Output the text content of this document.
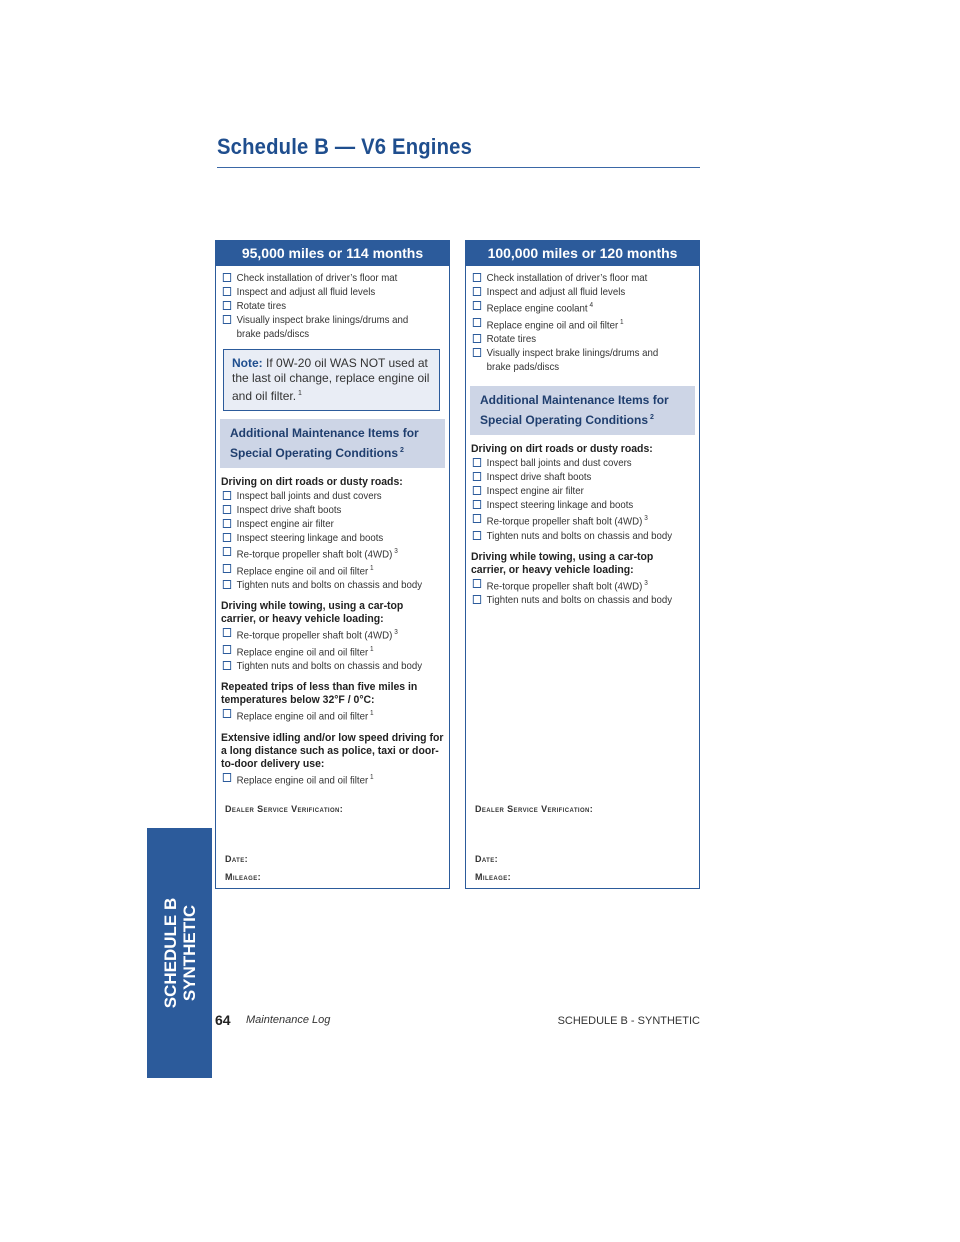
Schedule B — V6 Engines
95,000 miles or 114 months
Check installation of driver’s floor mat
Inspect and adjust all fluid levels
Rotate tires
Visually inspect brake linings/drums and brake pads/discs
Note: If 0W-20 oil WAS NOT used at the last oil change, replace engine oil and oil filter. $^1$
Additional Maintenance Items for Special Operating Conditions $^2$
Driving on dirt roads or dusty roads:
Inspect ball joints and dust covers
Inspect drive shaft boots
Inspect engine air filter
Inspect steering linkage and boots
Re-torque propeller shaft bolt (4WD) $^3$
Replace engine oil and oil filter $^1$
Tighten nuts and bolts on chassis and body
Driving while towing, using a car-top carrier, or heavy vehicle loading:
Re-torque propeller shaft bolt (4WD) $^3$
Replace engine oil and oil filter $^1$
Tighten nuts and bolts on chassis and body
Repeated trips of less than five miles in temperatures below 32°F / 0°C:
Replace engine oil and oil filter $^1$
Extensive idling and/or low speed driving for a long distance such as police, taxi or door-to-door delivery use:
Replace engine oil and oil filter $^1$
Dealer Service Verification:
Date:
Mileage:
100,000 miles or 120 months
Check installation of driver’s floor mat
Inspect and adjust all fluid levels
Replace engine coolant $^4$
Replace engine oil and oil filter $^1$
Rotate tires
Visually inspect brake linings/drums and brake pads/discs
Additional Maintenance Items for Special Operating Conditions $^2$
Driving on dirt roads or dusty roads:
Inspect ball joints and dust covers
Inspect drive shaft boots
Inspect engine air filter
Inspect steering linkage and boots
Re-torque propeller shaft bolt (4WD) $^3$
Tighten nuts and bolts on chassis and body
Driving while towing, using a car-top carrier, or heavy vehicle loading:
Re-torque propeller shaft bolt (4WD) $^3$
Tighten nuts and bolts on chassis and body
Dealer Service Verification:
Date:
Mileage:
SCHEDULE B SYNTHETIC
64 Maintenance Log	SCHEDULE B - SYNTHETIC
